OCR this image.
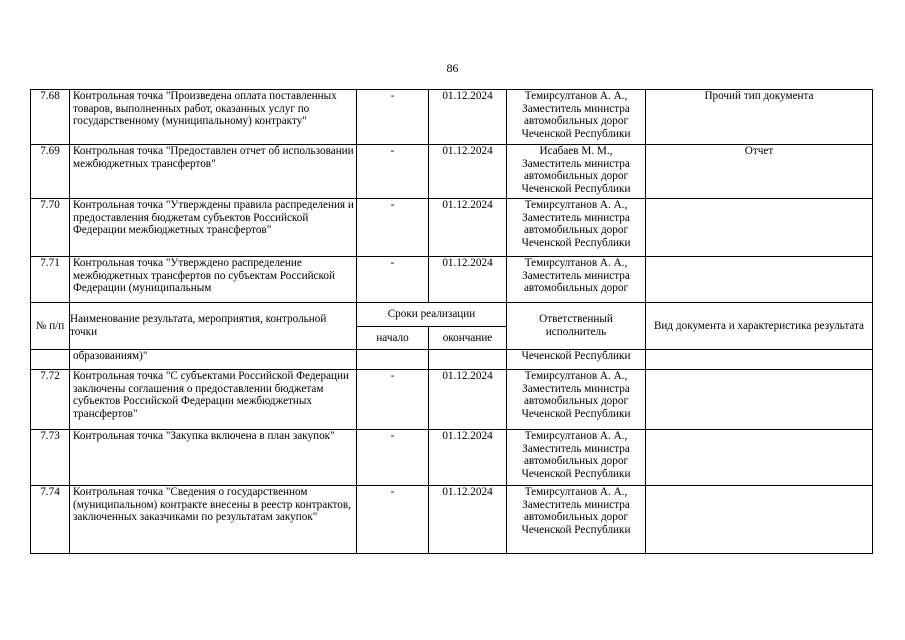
86
7.68	Контрольная точка "Произведена оплата поставленных товаров, выполненных работ, оказанных услуг по государственному (муниципальному) контракту"	-	01.12.2024	Темирсултанов А. А., Заместитель министра автомобильных дорог Чеченской Республики	Прочий тип документа
7.69	Контрольная точка "Предоставлен отчет об использовании межбюджетных трансфертов"	-	01.12.2024	Исабаев М. М., Заместитель министра автомобильных дорог Чеченской Республики	Отчет
7.70	Контрольная точка "Утверждены правила распределения и предоставления бюджетам субъектов Российской Федерации межбюджетных трансфертов"	-	01.12.2024	Темирсултанов А. А., Заместитель министра автомобильных дорог Чеченской Республики	
7.71	Контрольная точка "Утверждено распределение межбюджетных трансфертов по субъектам Российской Федерации (муниципальным	-	01.12.2024	Темирсултанов А. А., Заместитель министра автомобильных дорог	
№ п/п	Наименование результата, мероприятия, контрольной точки	Сроки реализации		Ответственный исполнитель	Вид документа и характеристика результата
		начало	окончание		
	образованиям)"			Чеченской Республики	
7.72	Контрольная точка "С субъектами Российской Федерации заключены соглашения о предоставлении бюджетам субъектов Российской Федерации межбюджетных трансфертов"	-	01.12.2024	Темирсултанов А. А., Заместитель министра автомобильных дорог Чеченской Республики	
7.73	Контрольная точка "Закупка включена в план закупок"	-	01.12.2024	Темирсултанов А. А., Заместитель министра автомобильных дорог Чеченской Республики	
7.74	Контрольная точка "Сведения о государственном (муниципальном) контракте внесены в реестр контрактов, заключенных заказчиками по результатам закупок"	-	01.12.2024	Темирсултанов А. А., Заместитель министра автомобильных дорог Чеченской Республики	
